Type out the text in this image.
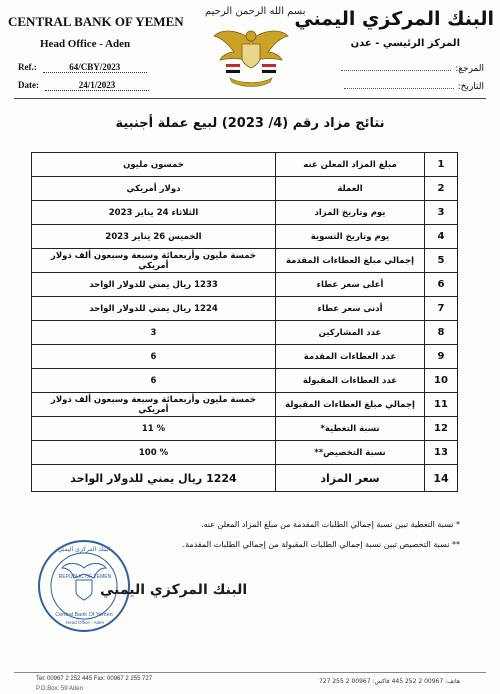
CENTRAL BANK OF YEMEN
Head Office - Aden
البنك المركزي اليمني
المركز الرئيسي - عدن
بسم الله الرحمن الرحيم
Ref.:	64/CBY/2023
Date:	24/1/2023
المرجع:
التاريخ:
نتائج مزاد رقم (4/ 2023) لبيع عملة أجنبية
خمسون مليون	مبلغ المزاد المعلن عنه	1
دولار أمريكي	العملة	2
الثلاثاء 24 يناير 2023	يوم وتاريخ المزاد	3
الخميس 26 يناير 2023	يوم وتاريخ التسوية	4
خمسة مليون وأربعمائة وسبعة وسبعون ألف دولار أمريكي	إجمالي مبلغ العطاءات المقدمة	5
1233 ريال يمني للدولار الواحد	أعلى سعر عطاء	6
1224 ريال يمني للدولار الواحد	أدنى سعر عطاء	7
3	عدد المشاركين	8
6	عدد العطاءات المقدمة	9
6	عدد العطاءات المقبولة	10
خمسة مليون وأربعمائة وسبعة وسبعون ألف دولار أمريكي	إجمالي مبلغ العطاءات المقبولة	11
% 11	نسبة التغطية*	12
% 100	نسبة التخصيص**	13
1224 ريال يمني للدولار الواحد	سعر المزاد	14
* نسبة التغطية تبين نسبة إجمالي الطلبات المقدمة من مبلغ المزاد المعلن عنه.
** نسبة التخصيص تبين نسبة إجمالي الطلبات المقبولة من إجمالي الطلبات المقدمة.
REPUBLIC OF YEMEN
Central Bank Of Yemen
Head Office - Aden
البنك المركزي اليمني
البنك المركزي اليمني
Tel: 00967 2 252 445 Fax: 00967 2 255 727
P.O.Box: 59 Aden
هاتف: 00967 2 252 445 فاكس: 00967 2 255 727
